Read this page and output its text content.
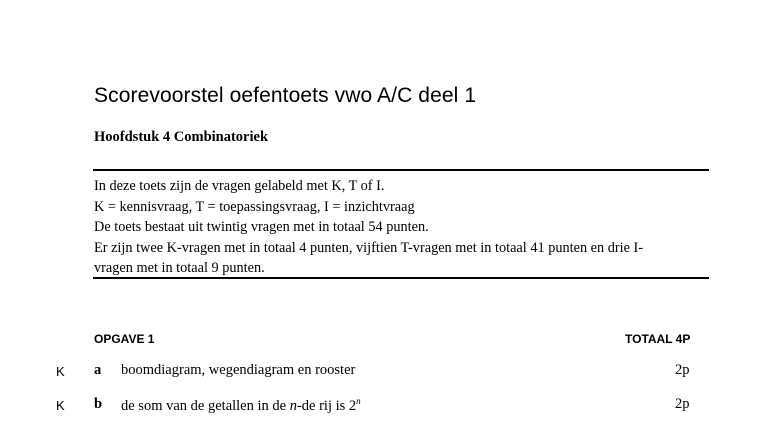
Scorevoorstel oefentoets vwo A/C deel 1
Hoofdstuk 4 Combinatoriek
In deze toets zijn de vragen gelabeld met K, T of I.
K = kennisvraag, T = toepassingsvraag, I = inzichtvraag
De toets bestaat uit twintig vragen met in totaal 54 punten.
Er zijn twee K-vragen met in totaal 4 punten, vijftien T-vragen met in totaal 41 punten en drie I-
vragen met in totaal 9 punten.
OPGAVE 1	TOTAAL 4P
K a boomdiagram, wegendiagram en rooster	2p
K b de som van de getallen in de n-de rij is 2$^n$	2p
